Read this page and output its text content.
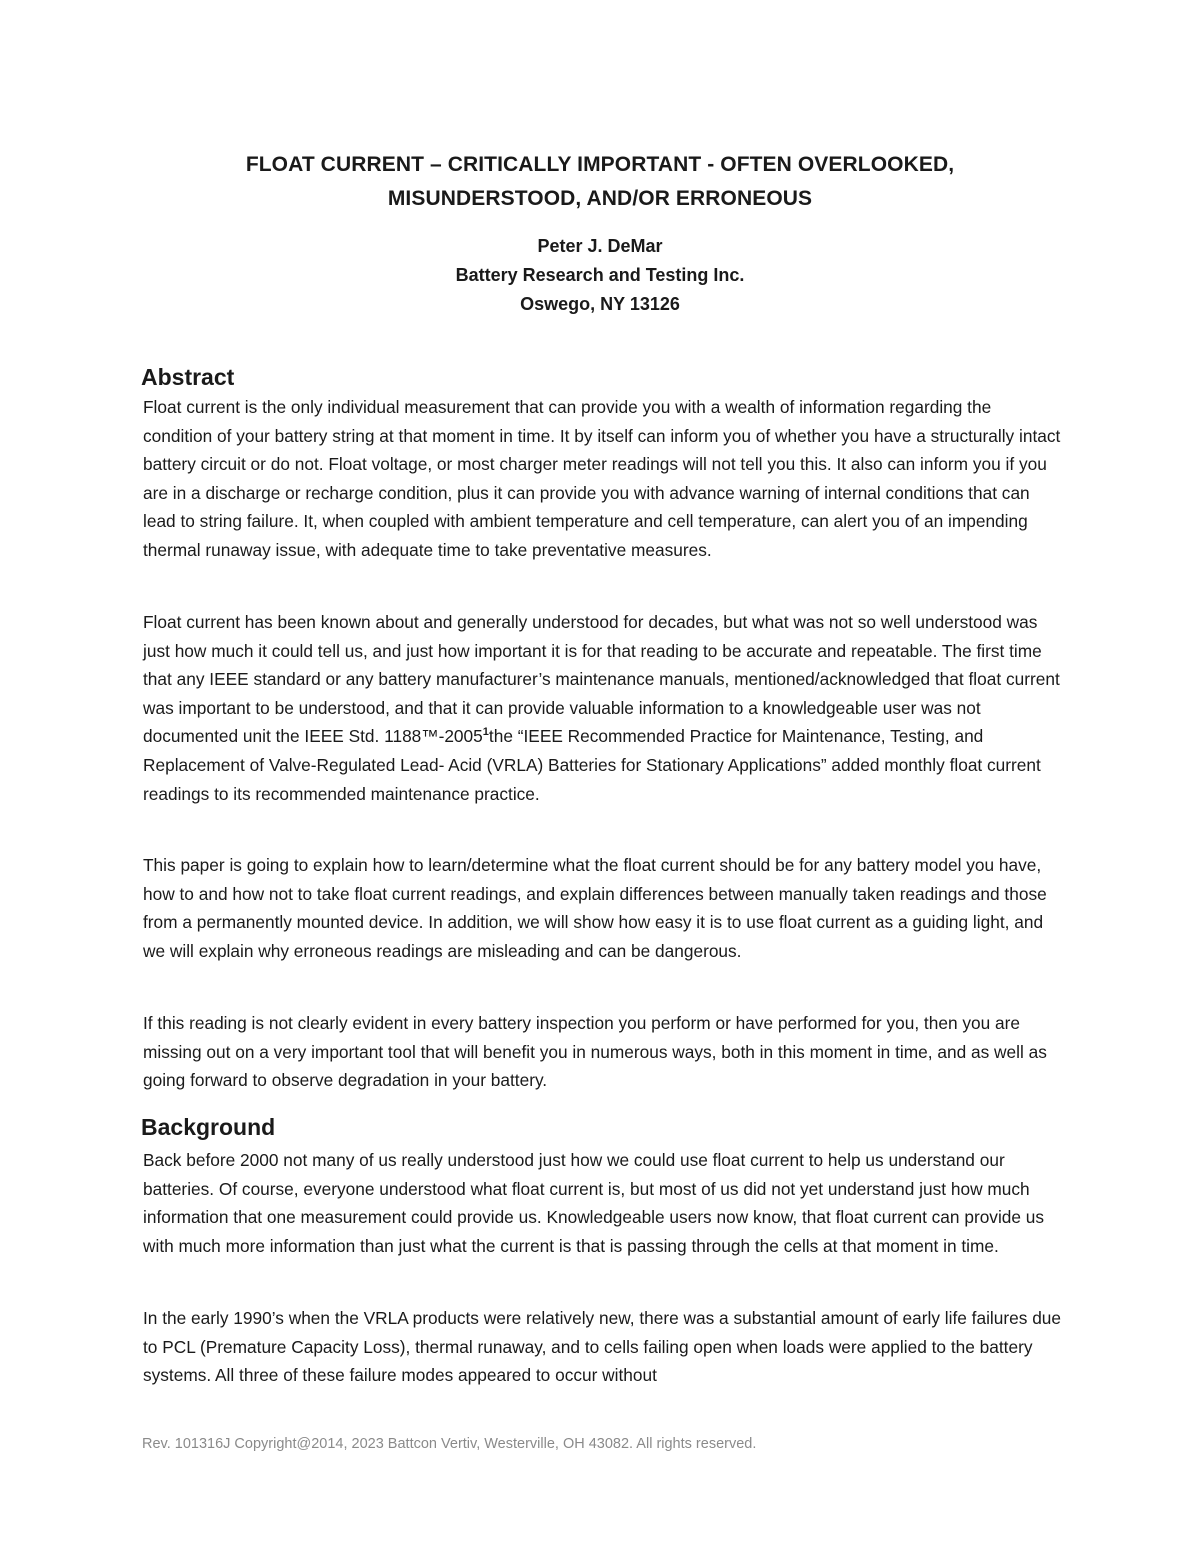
FLOAT CURRENT – CRITICALLY IMPORTANT - OFTEN OVERLOOKED,
MISUNDERSTOOD, AND/OR ERRONEOUS
Peter J. DeMar
Battery Research and Testing Inc.
Oswego, NY 13126
Abstract

Float current is the only individual measurement that can provide you with a wealth of information regarding the condition of your battery string at that moment in time. It by itself can inform you of whether you have a structurally intact battery circuit or do not. Float voltage, or most charger meter readings will not tell you this. It also can inform you if you are in a discharge or recharge condition, plus it can provide you with advance warning of internal conditions that can lead to string failure. It, when coupled with ambient temperature and cell temperature, can alert you of an impending thermal runaway issue, with adequate time to take preventative measures.

Float current has been known about and generally understood for decades, but what was not so well understood was just how much it could tell us, and just how important it is for that reading to be accurate and repeatable. The first time that any IEEE standard or any battery manufacturer’s maintenance manuals, mentioned/acknowledged that float current was important to be understood, and that it can provide valuable information to a knowledgeable user was not documented unit the IEEE Std. 1188™-2005$^1$the “IEEE Recommended Practice for Maintenance, Testing, and Replacement of Valve-Regulated Lead- Acid (VRLA) Batteries for Stationary Applications” added monthly float current readings to its recommended maintenance practice.

This paper is going to explain how to learn/determine what the float current should be for any battery model you have, how to and how not to take float current readings, and explain differences between manually taken readings and those from a permanently mounted device. In addition, we will show how easy it is to use float current as a guiding light, and we will explain why erroneous readings are misleading and can be dangerous.

If this reading is not clearly evident in every battery inspection you perform or have performed for you, then you are missing out on a very important tool that will benefit you in numerous ways, both in this moment in time, and as well as going forward to observe degradation in your battery.

Background

Back before 2000 not many of us really understood just how we could use float current to help us understand our batteries. Of course, everyone understood what float current is, but most of us did not yet understand just how much information that one measurement could provide us. Knowledgeable users now know, that float current can provide us with much more information than just what the current is that is passing through the cells at that moment in time.

In the early 1990’s when the VRLA products were relatively new, there was a substantial amount of early life failures due to PCL (Premature Capacity Loss), thermal runaway, and to cells failing open when loads were applied to the battery systems. All three of these failure modes appeared to occur without

Rev. 101316J Copyright@2014, 2023 Battcon Vertiv, Westerville, OH 43082. All rights reserved.
